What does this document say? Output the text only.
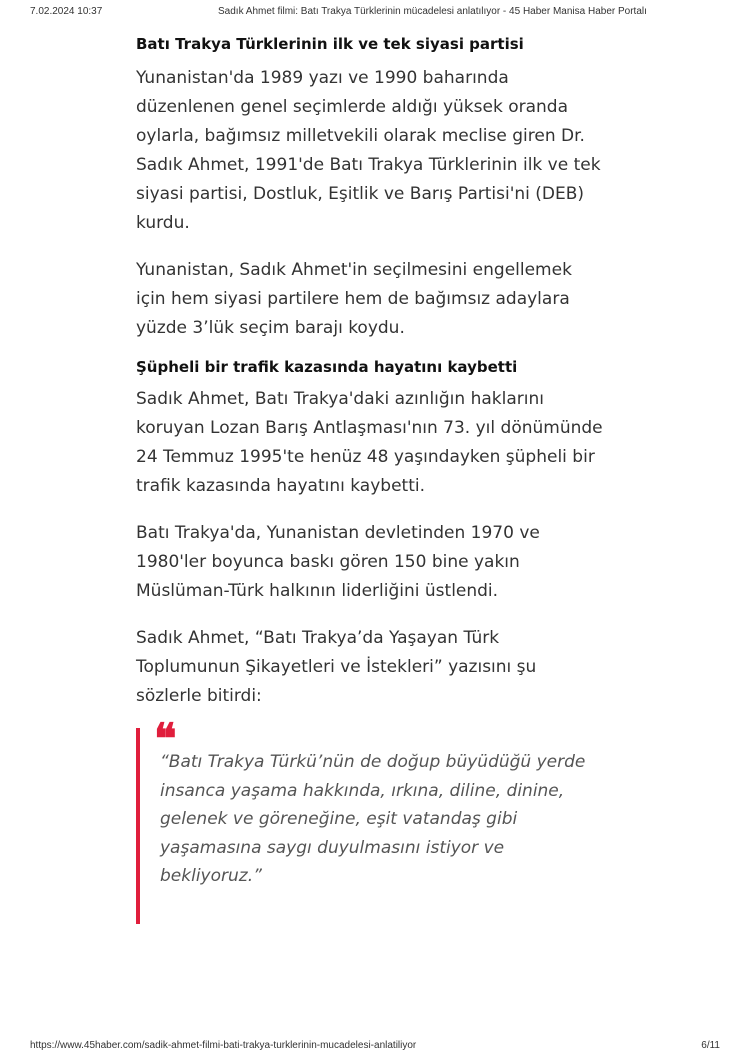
7.02.2024 10:37	Sadık Ahmet filmi: Batı Trakya Türklerinin mücadelesi anlatılıyor - 45 Haber Manisa Haber Portalı
Batı Trakya Türklerinin ilk ve tek siyasi partisi

Yunanistan'da 1989 yazı ve 1990 baharında
düzenlenen genel seçimlerde aldığı yüksek oranda
oylarla, bağımsız milletvekili olarak meclise giren Dr.
Sadık Ahmet, 1991'de Batı Trakya Türklerinin ilk ve tek
siyasi partisi, Dostluk, Eşitlik ve Barış Partisi'ni (DEB)
kurdu.

Yunanistan, Sadık Ahmet'in seçilmesini engellemek
için hem siyasi partilere hem de bağımsız adaylara
yüzde 3’lük seçim barajı koydu.

Şüpheli bir trafik kazasında hayatını kaybetti

Sadık Ahmet, Batı Trakya'daki azınlığın haklarını
koruyan Lozan Barış Antlaşması'nın 73. yıl dönümünde
24 Temmuz 1995'te henüz 48 yaşındayken şüpheli bir
trafik kazasında hayatını kaybetti.

Batı Trakya'da, Yunanistan devletinden 1970 ve
1980'ler boyunca baskı gören 150 bine yakın
Müslüman-Türk halkının liderliğini üstlendi.

Sadık Ahmet, “Batı Trakya’da Yaşayan Türk
Toplumunun Şikayetleri ve İstekleri” yazısını şu
sözlerle bitirdi:

❝

“Batı Trakya Türkü’nün de doğup büyüdüğü yerde
insanca yaşama hakkında, ırkına, diline, dinine,
gelenek ve göreneğine, eşit vatandaş gibi
yaşamasına saygı duyulmasını istiyor ve
bekliyoruz.”

https://www.45haber.com/sadik-ahmet-filmi-bati-trakya-turklerinin-mucadelesi-anlatiliyor	6/11
